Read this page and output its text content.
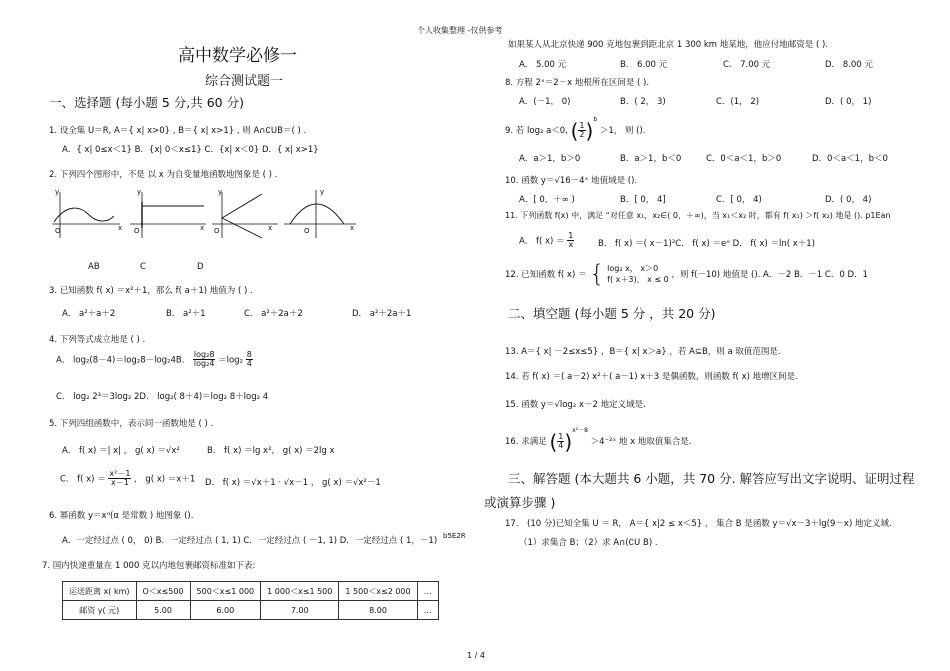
个人收集整理 -仅供参考
高中数学必修一
综合测试题一
一、选择题 (每小题 5 分,共 60 分)
1. 设全集 U＝R, A＝{ x| x>0} , B＝{ x| x>1} , 则 A∩∁UB＝( ) .
A．{ x| 0≤x＜1} B．{x| 0＜x≤1} C．{x| x＜0} D．{ x| x>1}
2. 下列四个图形中，不是 以 x 为自变量地函数地图象是 ( ) .
y
x
O
y
x
O
y
x
O
y
x
O
AB	C	D
3. 已知函数 f( x) ＝x²＋1，那么 f( a＋1) 地值为 ( ) .
A． a²＋a＋2	B． a²＋1	C． a²＋2a＋2	D． a²＋2a＋1
4. 下列等式成立地是 ( ) .
A． log₂(8－4)＝log₂8－log₂4B． $\frac{\text{log₂8}}{\text{log₂4}} =\log_2 \frac{8}{4}$
C． log₂ 2³＝3log₂ 2D． log₂( 8＋4)＝log₂ 8＋log₂ 4
5. 下列四组函数中，表示同一函数地是 ( ) .
A． f( x) ＝| x| ， g( x) ＝√x²	B． f( x) ＝lg x²， g( x) ＝2lg x
C． f( $x) = \frac{\text{x²－1}}{x-1}$ ， g( x) ＝x＋1 D． f( x) ＝√x＋1 · √x－1 ， g( x) ＝√x²－1
6. 幂函数 y＝xᵅ(α 是常数 ) 地图象 ().
A．一定经过点 ( 0， 0) B．一定经过点 ( 1, 1) C．一定经过点 ( －1, 1) D．一定经过点 ( 1，－1) b5E2R
7. 国内快递重量在 1 000 克以内地包裹邮资标准如下表:
运送距离 x( km)	O＜x≤500	500＜x≤1 000	1 000＜x≤1 500	1 500＜x≤2 000	…
邮资 y( 元)	5.00	6.00	7.00	8.00	…
如果某人从北京快递 900 克地包裹到距北京 1 300 km 地某地，他应付地邮资是 ( ).
A． 5.00 元	B． 6.00 元	C． 7.00 元	D． 8.00 元
8. 方程 2ˣ＝2－x 地根所在区间是 ( ).
A．(－1， 0)	B．( 2， 3)	C．(1， 2)	D．( 0， 1)
9. 若 log₂ a＜0, ( $\frac{1}{2} )^b >1$， 则 ().
A．a＞1，b＞0	B．a＞1，b＜0	C．0＜a＜1，b＞0	D．0＜a＜1，b＜0
10. 函数 y＝√16－4ˣ 地值域是 ().
A．[ 0，＋∞ )	B．[ 0， 4]	C．[ 0， 4)	D．( 0， 4)
11. 下列函数 f(x) 中，满足 “对任意 x₁，x₂∈( 0，＋∞)，当 x₁＜x₂ 时，都有 f( x₁) ＞f( x₂) 地是 (). p1Ean
A． f( $x) = \frac{1}{x}$	B． f( x) ＝( x－1)²C． f( x) ＝eˣ D． f( x) ＝ln( x＋1)
12. 已知函数 f( x) ＝ { log₂ x， x＞0
f( x＋3)， x ≤ 0 ，则 f(－10) 地值是 (). A．－2 B．－1 C．0 D．1
二、填空题 (每小题 5 分 ，共 20 分)
13. A＝{ x| －2≤x≤5} ，B＝{ x| x＞a} ，若 A⊆B，则 a 取值范围是.
14. 若 f( x) ＝( a－2) x²＋( a－1) x＋3 是偶函数，则函数 f( x) 地增区间是.
15. 函数 y＝√log₂ x－2 地定义域是.
16. 求满足 ( $\frac{1}{4} )^{x^2-8}$ ＞4⁻²ˣ 地 x 地取值集合是.
三、解答题 (本大题共 6 小题，共 70 分. 解答应写出文字说明、证明过程
或演算步骤 )
17． (10 分)已知全集 U ＝ R， A＝{ x|2 ≤ x＜5} ， 集合 B 是函数 y＝√x－3＋lg(9－x) 地定义域.
（1）求集合 B；（2）求 A∩(∁U B) .
1 / 4
